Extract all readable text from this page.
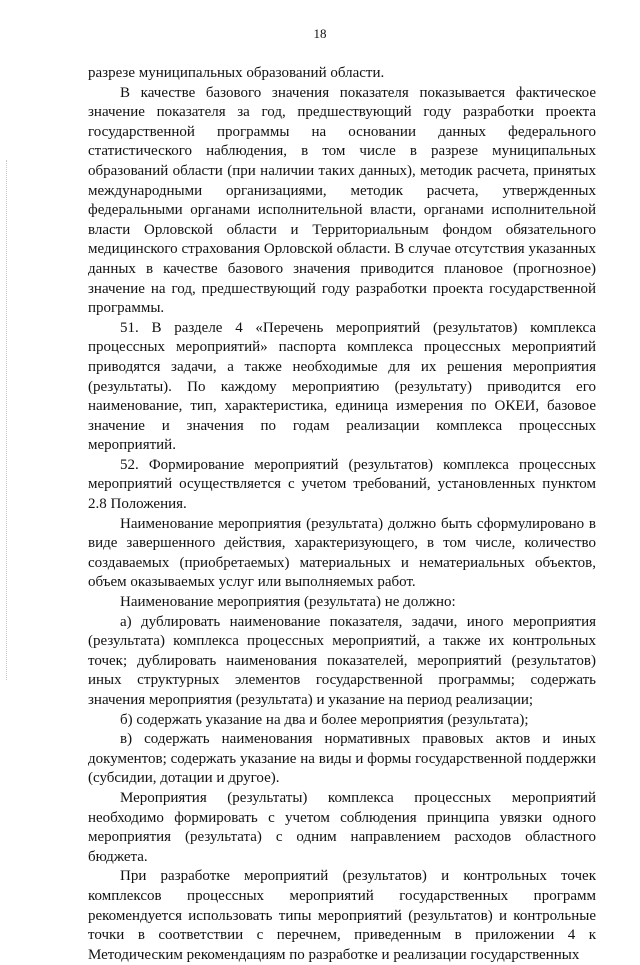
18

разрезе муниципальных образований области.

В качестве базового значения показателя показывается фактическое значение показателя за год, предшествующий году разработки проекта государственной программы на основании данных федерального статистического наблюдения, в том числе в разрезе муниципальных образований области (при наличии таких данных), методик расчета, принятых международными организациями, методик расчета, утвержденных федеральными органами исполнительной власти, органами исполнительной власти Орловской области и Территориальным фондом обязательного медицинского страхования Орловской области. В случае отсутствия указанных данных в качестве базового значения приводится плановое (прогнозное) значение на год, предшествующий году разработки проекта государственной программы.

51. В разделе 4 «Перечень мероприятий (результатов) комплекса процессных мероприятий» паспорта комплекса процессных мероприятий приводятся задачи, а также необходимые для их решения мероприятия (результаты). По каждому мероприятию (результату) приводится его наименование, тип, характеристика, единица измерения по ОКЕИ, базовое значение и значения по годам реализации комплекса процессных мероприятий.

52. Формирование мероприятий (результатов) комплекса процессных мероприятий осуществляется с учетом требований, установленных пунктом 2.8 Положения.

Наименование мероприятия (результата) должно быть сформулировано в виде завершенного действия, характеризующего, в том числе, количество создаваемых (приобретаемых) материальных и нематериальных объектов, объем оказываемых услуг или выполняемых работ.

Наименование мероприятия (результата) не должно:

а) дублировать наименование показателя, задачи, иного мероприятия (результата) комплекса процессных мероприятий, а также их контрольных точек; дублировать наименования показателей, мероприятий (результатов) иных структурных элементов государственной программы; содержать значения мероприятия (результата) и указание на период реализации;

б) содержать указание на два и более мероприятия (результата);

в) содержать наименования нормативных правовых актов и иных документов; содержать указание на виды и формы государственной поддержки (субсидии, дотации и другое).

Мероприятия (результаты) комплекса процессных мероприятий необходимо формировать с учетом соблюдения принципа увязки одного мероприятия (результата) с одним направлением расходов областного бюджета.

При разработке мероприятий (результатов) и контрольных точек комплексов процессных мероприятий государственных программ рекомендуется использовать типы мероприятий (результатов) и контрольные точки в соответствии с перечнем, приведенным в приложении 4 к Методическим рекомендациям по разработке и реализации государственных
